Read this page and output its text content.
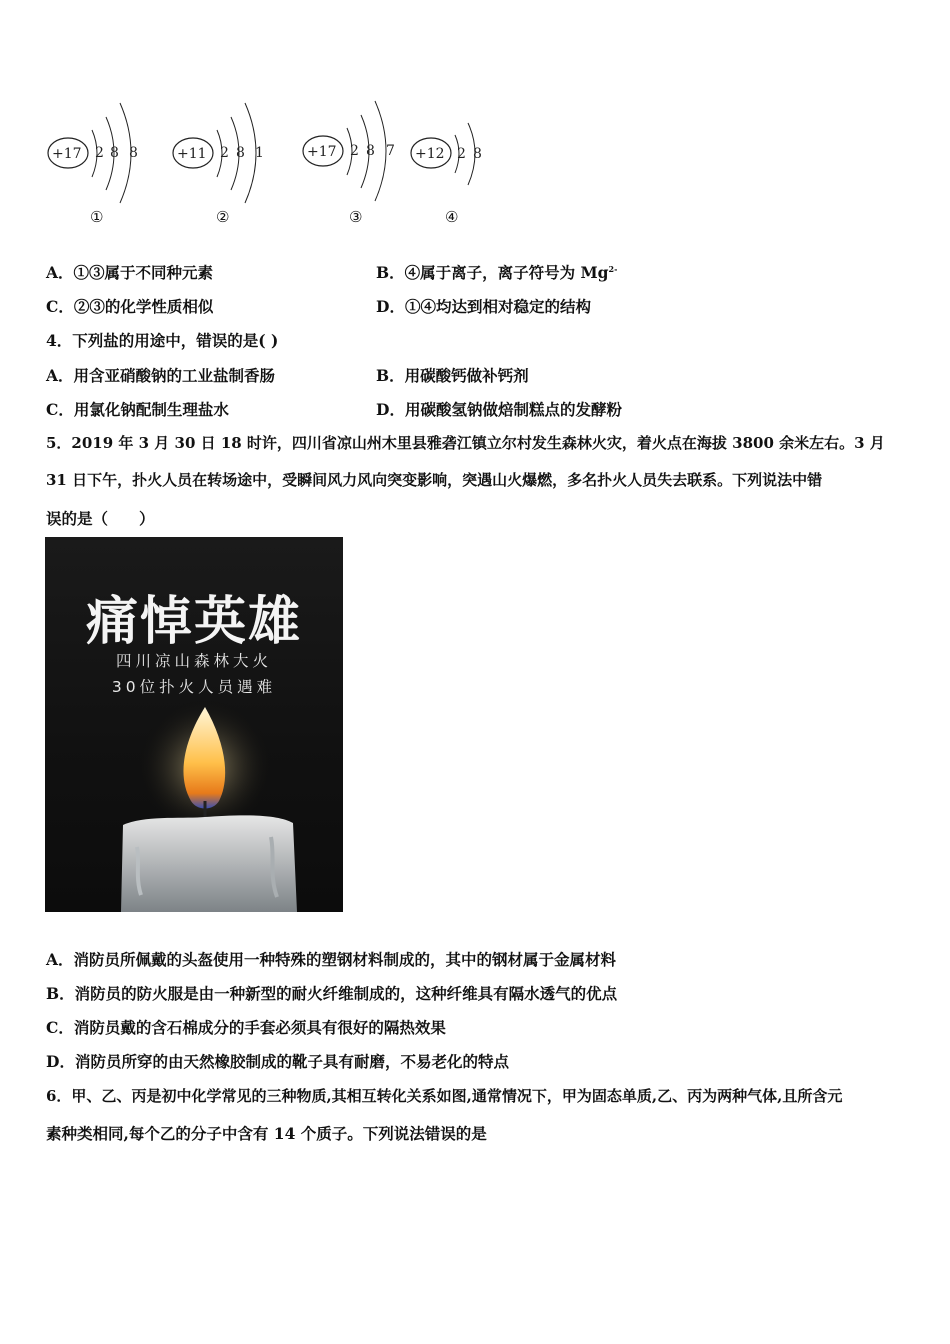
+17 2 8 8	+11 2 8 1	+17 2 8 7 +12 2 8
①	②	③	④
A．①③属于不同种元素	B．④属于离子，离子符号为 $Mg^{2-}$
C．②③的化学性质相似	D．①④均达到相对稳定的结构
4．下列盐的用途中，错误的是( )
A．用含亚硝酸钠的工业盐制香肠	B．用碳酸钙做补钙剂
C．用氯化钠配制生理盐水	D．用碳酸氢钠做焙制糕点的发酵粉
5．2019 年 3 月 30 日 18 时许，四川省凉山州木里县雅砻江镇立尔村发生森林火灾，着火点在海拔 3800 余米左右。3 月
31 日下午，扑火人员在转场途中，受瞬间风力风向突变影响，突遇山火爆燃，多名扑火人员失去联系。下列说法中错
误的是（　　）
痛悼英雄
四川凉山森林大火
30位扑火人员遇难
A．消防员所佩戴的头盔使用一种特殊的塑钢材料制成的，其中的钢材属于金属材料
B．消防员的防火服是由一种新型的耐火纤维制成的，这种纤维具有隔水透气的优点
C．消防员戴的含石棉成分的手套必须具有很好的隔热效果
D．消防员所穿的由天然橡胶制成的靴子具有耐磨，不易老化的特点
6．甲、乙、丙是初中化学常见的三种物质,其相互转化关系如图,通常情况下，甲为固态单质,乙、丙为两种气体,且所含元
素种类相同,每个乙的分子中含有 14 个质子。下列说法错误的是
